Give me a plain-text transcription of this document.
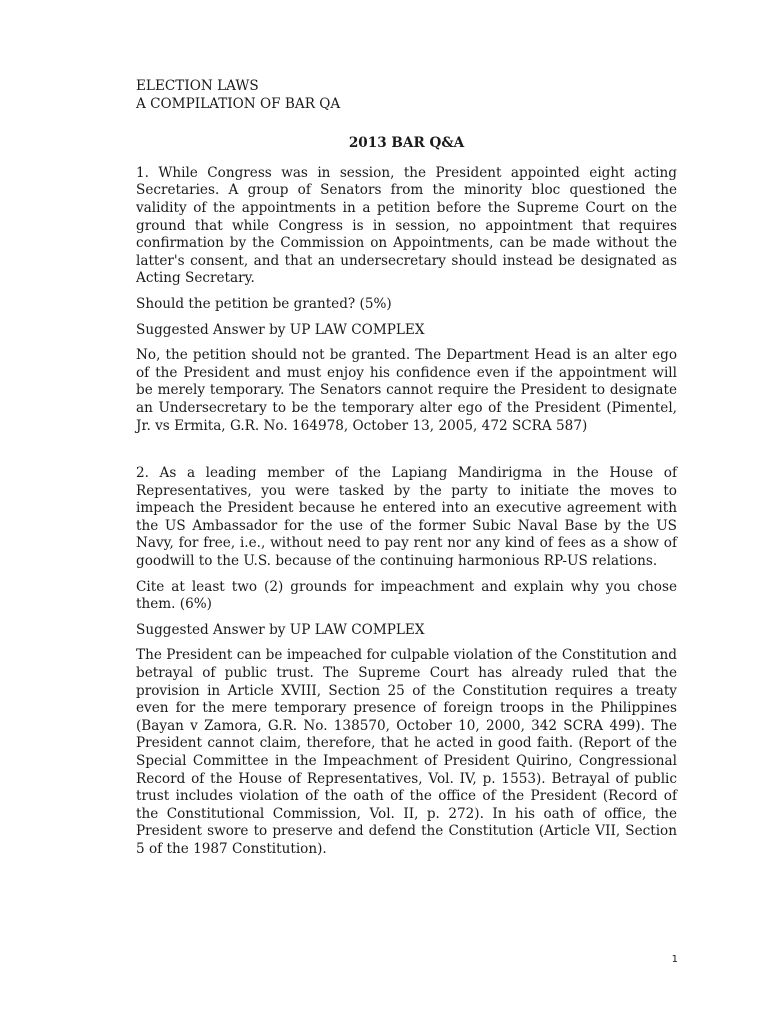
ELECTION LAWS

A COMPILATION OF BAR QA

2013 BAR Q&A

1. While Congress was in session, the President appointed eight acting Secretaries. A group of Senators from the minority bloc questioned the validity of the appointments in a petition before the Supreme Court on the ground that while Congress is in session, no appointment that requires confirmation by the Commission on Appointments, can be made without the latter's consent, and that an undersecretary should instead be designated as Acting Secretary.

Should the petition be granted? (5%)

Suggested Answer by UP LAW COMPLEX

No, the petition should not be granted. The Department Head is an alter ego of the President and must enjoy his confidence even if the appointment will be merely temporary. The Senators cannot require the President to designate an Undersecretary to be the temporary alter ego of the President (Pimentel, Jr. vs Ermita, G.R. No. 164978, October 13, 2005, 472 SCRA 587)

2. As a leading member of the Lapiang Mandirigma in the House of Representatives, you were tasked by the party to initiate the moves to impeach the President because he entered into an executive agreement with the US Ambassador for the use of the former Subic Naval Base by the US Navy, for free, i.e., without need to pay rent nor any kind of fees as a show of goodwill to the U.S. because of the continuing harmonious RP-US relations.

Cite at least two (2) grounds for impeachment and explain why you chose them. (6%)

Suggested Answer by UP LAW COMPLEX

The President can be impeached for culpable violation of the Constitution and betrayal of public trust. The Supreme Court has already ruled that the provision in Article XVIII, Section 25 of the Constitution requires a treaty even for the mere temporary presence of foreign troops in the Philippines (Bayan v Zamora, G.R. No. 138570, October 10, 2000, 342 SCRA 499). The President cannot claim, therefore, that he acted in good faith. (Report of the Special Committee in the Impeachment of President Quirino, Congressional Record of the House of Representatives, Vol. IV, p. 1553). Betrayal of public trust includes violation of the oath of the office of the President (Record of the Constitutional Commission, Vol. II, p. 272). In his oath of office, the President swore to preserve and defend the Constitution (Article VII, Section 5 of the 1987 Constitution).

1
